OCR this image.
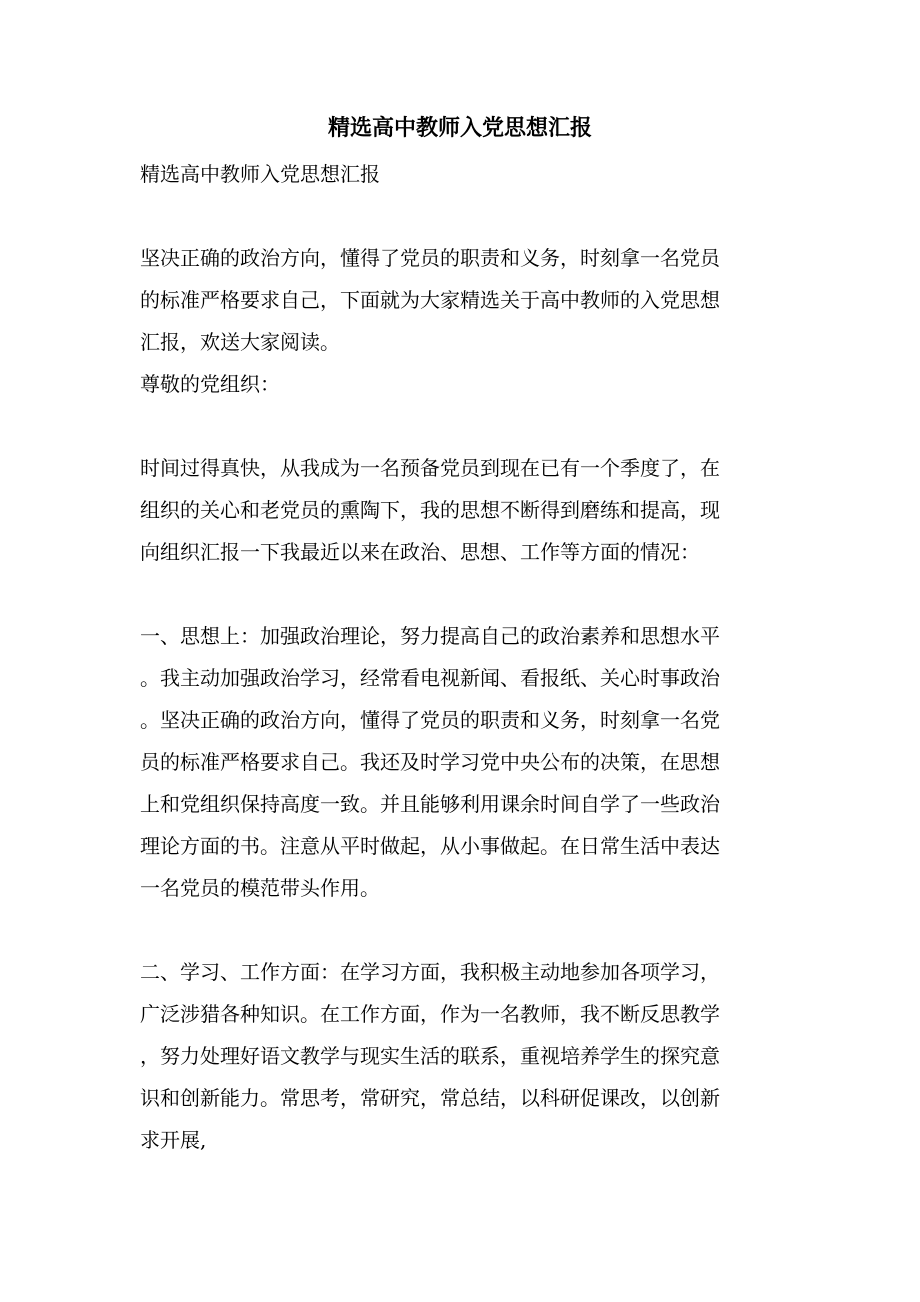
精选高中教师入党思想汇报

精选高中教师入党思想汇报

坚决正确的政治方向，懂得了党员的职责和义务，时刻拿一名党员
的标准严格要求自己，下面就为大家精选关于高中教师的入党思想
汇报，欢送大家阅读。

尊敬的党组织：

时间过得真快，从我成为一名预备党员到现在已有一个季度了，在
组织的关心和老党员的熏陶下，我的思想不断得到磨练和提高，现
向组织汇报一下我最近以来在政治、思想、工作等方面的情况：

一、思想上：加强政治理论，努力提高自己的政治素养和思想水平
。我主动加强政治学习，经常看电视新闻、看报纸、关心时事政治
。坚决正确的政治方向，懂得了党员的职责和义务，时刻拿一名党
员的标准严格要求自己。我还及时学习党中央公布的决策，在思想
上和党组织保持高度一致。并且能够利用课余时间自学了一些政治
理论方面的书。注意从平时做起，从小事做起。在日常生活中表达
一名党员的模范带头作用。

二、学习、工作方面：在学习方面，我积极主动地参加各项学习，
广泛涉猎各种知识。在工作方面，作为一名教师，我不断反思教学
，努力处理好语文教学与现实生活的联系，重视培养学生的探究意
识和创新能力。常思考，常研究，常总结，以科研促课改，以创新
求开展,
